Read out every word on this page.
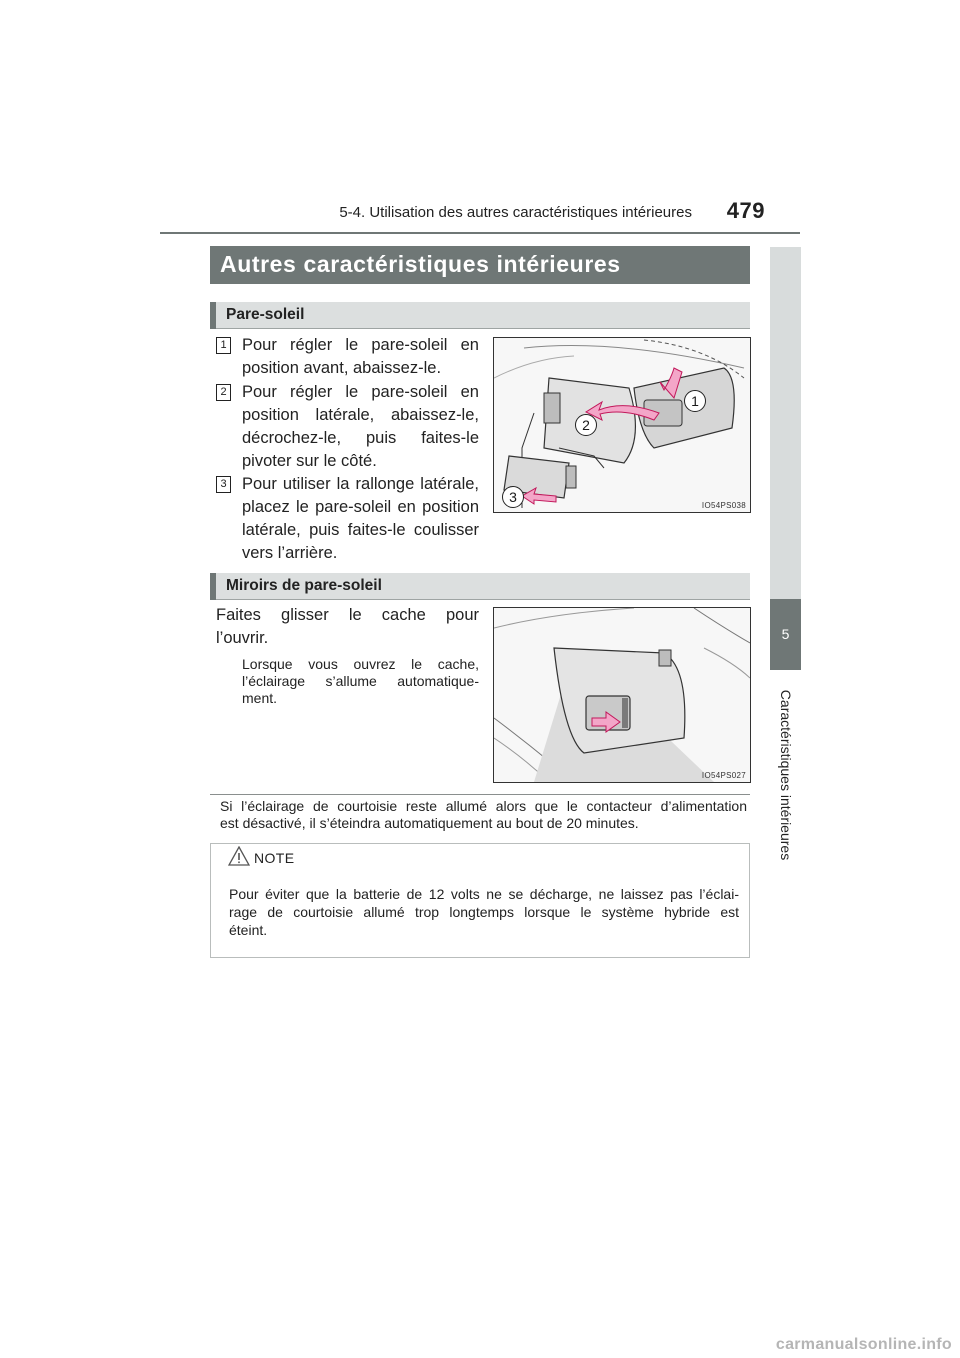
5-4. Utilisation des autres caractéristiques intérieures	479
5
Caractéristiques intérieures
Autres caractéristiques intérieures
Pare-soleil
1 Pour régler le pare-soleil en
position avant, abaissez-le.
2 Pour régler le pare-soleil en
position latérale, abaissez-le,
décrochez-le, puis faites-le
pivoter sur le côté.
3 Pour utiliser la rallonge latérale,
placez le pare-soleil en position
latérale, puis faites-le coulisser
vers l’arrière.
1
2
3
IO54PS038
Miroirs de pare-soleil
Faites glisser le cache pour
l’ouvrir.
Lorsque vous ouvrez le cache,
l’éclairage s’allume automatique-
ment.
IO54PS027
Si l’éclairage de courtoisie reste allumé alors que le contacteur d’alimentation
est désactivé, il s’éteindra automatiquement au bout de 20 minutes.
NOTE
Pour éviter que la batterie de 12 volts ne se décharge, ne laissez pas l’éclai-
rage de courtoisie allumé trop longtemps lorsque le système hybride est
éteint.
carmanualsonline.info
